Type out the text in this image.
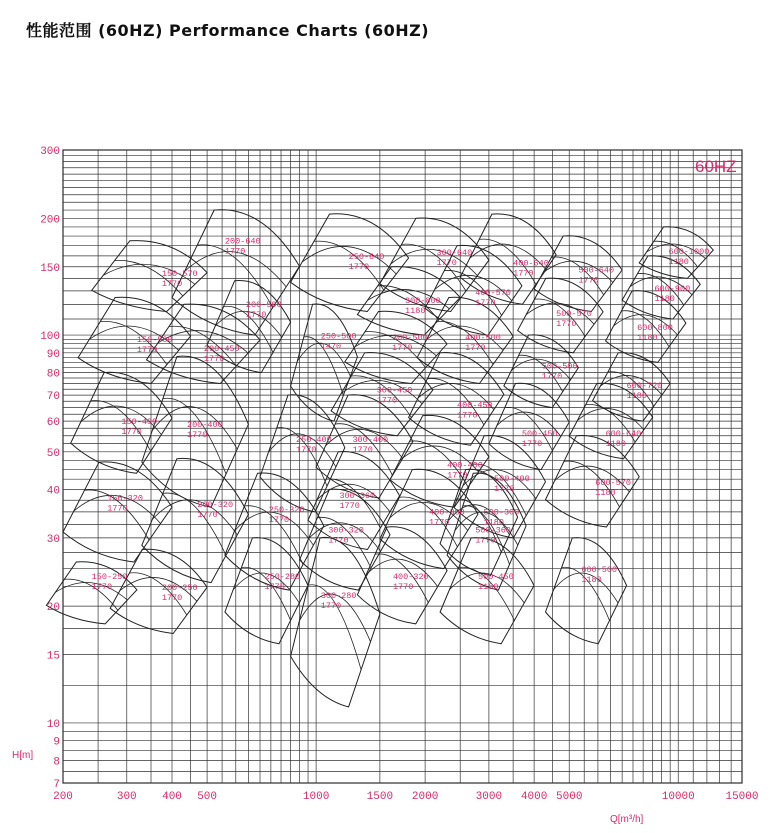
性能范围 (60HZ) Performance Charts (60HZ)
150-250
1770	200-250
1770
150-320
1770	200-320
1770
150-400
1770
200-400
1770
150-500
1770	200-450
1770
150-570
1770
200-500
1770
200-640
1770
250-280
1770
250-320
1770
250-400
1770
250-500
1470
250-640
1770
300-280
1770
300-320
1770
300-360
1770
300-400
1770
300-450
1770
300-500
1770
300-640
1770
300-800
1180
400-320
1770
400-360
1770
400-400
1770
400-450
1770
400-500
1770
400-570
1770
400-640
1770
500-450
1180
500-360
1770
500-300
1180
500-400
1770
500-450
1770
500-500
1770
500-570
1770
500-640
1770
600-500
1180
600-570
1180
600-640
1180
600-720
1180
600-800
1180
600-900
1180
600-1000
1180
200	300 400 500	1000	1500 2000	3000 4000 5000	10000	15000
7
8
9
10
15
20
30
40
50
60
70
80
90
100
150
200
300
60HZ
Q[m³/h]
H[m]
